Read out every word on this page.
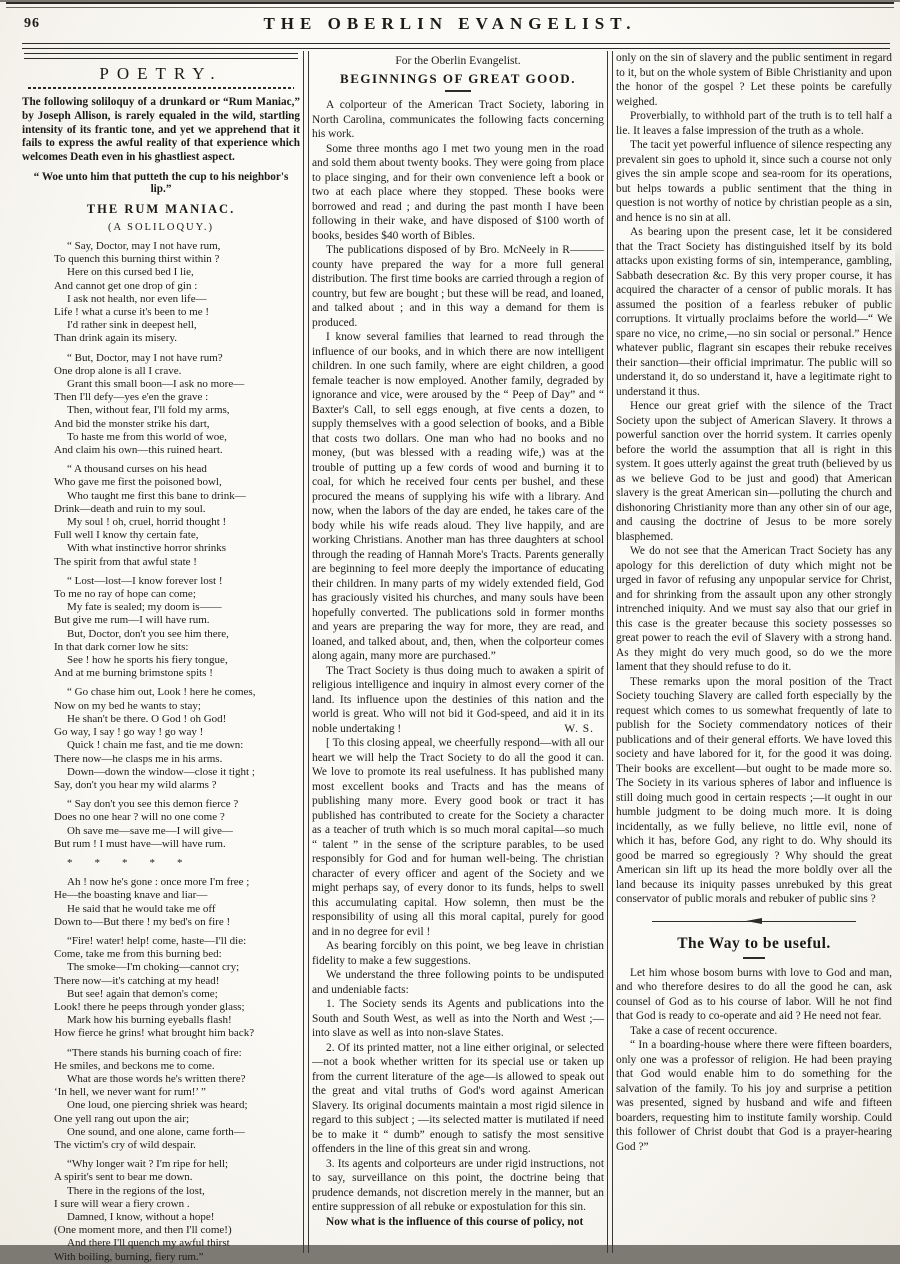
96	THE OBERLIN EVANGELIST.
POETRY.

The following soliloquy of a drunkard or “Rum Maniac,” by Joseph Allison, is rarely equaled in the wild, startling intensity of its frantic tone, and yet we apprehend that it fails to express the awful reality of that experience which welcomes Death even in his ghastliest aspect.

“ Woe unto him that putteth the cup to his neighbor's lip.”

THE RUM MANIAC.
(A SOLILOQUY.)
“ Say, Doctor, may I not have rum,
To quench this burning thirst within ?
Here on this cursed bed I lie,
And cannot get one drop of gin :
I ask not health, nor even life—
Life ! what a curse it's been to me !
I'd rather sink in deepest hell,
Than drink again its misery.
“ But, Doctor, may I not have rum?
One drop alone is all I crave.
Grant this small boon—I ask no more—
Then I'll defy—yes e'en the grave :
Then, without fear, I'll fold my arms,
And bid the monster strike his dart,
To haste me from this world of woe,
And claim his own—this ruined heart.
“ A thousand curses on his head
Who gave me first the poisoned bowl,
Who taught me first this bane to drink—
Drink—death and ruin to my soul.
My soul ! oh, cruel, horrid thought !
Full well I know thy certain fate,
With what instinctive horror shrinks
The spirit from that awful state !
“ Lost—lost—I know forever lost !
To me no ray of hope can come;
My fate is sealed; my doom is——
But give me rum—I will have rum.
But, Doctor, don't you see him there,
In that dark corner low he sits:
See ! how he sports his fiery tongue,
And at me burning brimstone spits !
“ Go chase him out, Look ! here he comes,
Now on my bed he wants to stay;
He shan't be there. O God ! oh God!
Go way, I say ! go way ! go way !
Quick ! chain me fast, and tie me down:
There now—he clasps me in his arms.
Down—down the window—close it tight ;
Say, don't you hear my wild alarms ?
“ Say don't you see this demon fierce ?
Does no one hear ? will no one come ?
Oh save me—save me—I will give—
But rum ! I must have—will have rum.
*  *  *  *  *
Ah ! now he's gone : once more I'm free ;
He—the boasting knave and liar—
He said that he would take me off
Down to—But there ! my bed's on fire !
“Fire! water! help! come, haste—I'll die:
Come, take me from this burning bed:
The smoke—I'm choking—cannot cry;
There now—it's catching at my head!
But see! again that demon's come;
Look! there he peeps through yonder glass;
Mark how his burning eyeballs flash!
How fierce he grins! what brought him back?
“There stands his burning coach of fire:
He smiles, and beckons me to come.
What are those words he's written there?
‘In hell, we never want for rum!’ ”
One loud, one piercing shriek was heard;
One yell rang out upon the air;
One sound, and one alone, came forth—
The victim's cry of wild despair.
“Why longer wait ? I'm ripe for hell;
A spirit's sent to bear me down.
There in the regions of the lost,
I sure will wear a fiery crown .
Damned, I know, without a hope!
(One moment more, and then I'll come!)
And there I'll quench my awful thirst
With boiling, burning, fiery rum.”
For the Oberlin Evangelist.
BEGINNINGS OF GREAT GOOD.

A colporteur of the American Tract Society, laboring in North Carolina, communicates the following facts concerning his work.

Some three months ago I met two young men in the road and sold them about twenty books. They were going from place to place singing, and for their own convenience left a book or two at each place where they stopped. These books were borrowed and read ; and during the past month I have been following in their wake, and have disposed of $100 worth of books, besides $40 worth of Bibles.

The publications disposed of by Bro. McNeely in R——— county have prepared the way for a more full general distribution. The first time books are carried through a region of country, but few are bought ; but these will be read, and loaned, and talked about ; and in this way a demand for them is produced.

I know several families that learned to read through the influence of our books, and in which there are now intelligent children. In one such family, where are eight children, a good female teacher is now employed. Another family, degraded by ignorance and vice, were aroused by the “ Peep of Day” and “ Baxter's Call, to sell eggs enough, at five cents a dozen, to supply themselves with a good selection of books, and a Bible that costs two dollars. One man who had no books and no money, (but was blessed with a reading wife,) was at the trouble of putting up a few cords of wood and burning it to coal, for which he received four cents per bushel, and these procured the means of supplying his wife with a library. And now, when the labors of the day are ended, he takes care of the body while his wife reads aloud. They live happily, and are working Christians. Another man has three daughters at school through the reading of Hannah More's Tracts. Parents generally are beginning to feel more deeply the importance of educating their children. In many parts of my widely extended field, God has graciously visited his churches, and many souls have been hopefully converted. The publications sold in former months and years are preparing the way for more, they are read, and loaned, and talked about, and, then, when the colporteur comes along again, many more are purchased.”

The Tract Society is thus doing much to awaken a spirit of religious intelligence and inquiry in almost every corner of the land. Its influence upon the destinies of this nation and the world is great. Who will not bid it God-speed, and aid it in its noble undertaking !	W. S.

[ To this closing appeal, we cheerfully respond—with all our heart we will help the Tract Society to do all the good it can. We love to promote its real usefulness. It has published many most excellent books and Tracts and has the means of publishing many more. Every good book or tract it has published has contributed to create for the Society a character as a teacher of truth which is so much moral capital—so much “ talent ” in the sense of the scripture parables, to be used responsibly for God and for human well-being. The christian character of every officer and agent of the Society and we might perhaps say, of every donor to its funds, helps to swell this accumulating capital. How solemn, then must be the responsibility of using all this moral capital, purely for good and in no degree for evil !

As bearing forcibly on this point, we beg leave in christian fidelity to make a few suggestions.

We understand the three following points to be undisputed and undeniable facts:

1. The Society sends its Agents and publications into the South and South West, as well as into the North and West ;—into slave as well as into non-slave States.

2. Of its printed matter, not a line either original, or selected—not a book whether written for its special use or taken up from the current literature of the age—is allowed to speak out the great and vital truths of God's word against American Slavery. Its original documents maintain a most rigid silence in regard to this subject ; —its selected matter is mutilated if need be to make it “ dumb” enough to satisfy the most sensitive offenders in the line of this great sin and wrong.

3. Its agents and colporteurs are under rigid instructions, not to say, surveillance on this point, the doctrine being that prudence demands, not discretion merely in the manner, but an entire suppression of all rebuke or expostulation for this sin.

Now what is the influence of this course of policy, not

only on the sin of slavery and the public sentiment in regard to it, but on the whole system of Bible Christianity and upon the honor of the gospel ? Let these points be carefully weighed.

Proverbially, to withhold part of the truth is to tell half a lie. It leaves a false impression of the truth as a whole.

The tacit yet powerful influence of silence respecting any prevalent sin goes to uphold it, since such a course not only gives the sin ample scope and sea-room for its operations, but helps towards a public sentiment that the thing in question is not worthy of notice by christian people as a sin, and hence is no sin at all.

As bearing upon the present case, let it be considered that the Tract Society has distinguished itself by its bold attacks upon existing forms of sin, intemperance, gambling, Sabbath desecration &c. By this very proper course, it has acquired the character of a censor of public morals. It has assumed the position of a fearless rebuker of public corruptions. It virtually proclaims before the world—“ We spare no vice, no crime,—no sin social or personal.” Hence whatever public, flagrant sin escapes their rebuke receives their sanction—their official imprimatur. The public will so understand it, do so understand it, have a legitimate right to understand it thus.

Hence our great grief with the silence of the Tract Society upon the subject of American Slavery. It throws a powerful sanction over the horrid system. It carries openly before the world the assumption that all is right in this system. It goes utterly against the great truth (believed by us as we believe God to be just and good) that American slavery is the great American sin—polluting the church and dishonoring Christianity more than any other sin of our age, and causing the doctrine of Jesus to be more sorely blasphemed.

We do not see that the American Tract Society has any apology for this dereliction of duty which might not be urged in favor of refusing any unpopular service for Christ, and for shrinking from the assault upon any other strongly intrenched iniquity. And we must say also that our grief in this case is the greater because this society possesses so great power to reach the evil of Slavery with a strong hand. As they might do very much good, so do we the more lament that they should refuse to do it.

These remarks upon the moral position of the Tract Society touching Slavery are called forth especially by the request which comes to us somewhat frequently of late to publish for the Society commendatory notices of their publications and of their general efforts. We have loved this society and have labored for it, for the good it was doing. Their books are excellent—but ought to be made more so. The Society in its various spheres of labor and influence is still doing much good in certain respects ;—it ought in our humble judgment to be doing much more. It is doing incidentally, as we fully believe, no little evil, none of which it has, before God, any right to do. Why should its good be marred so egregiously ? Why should the great American sin lift up its head the more boldly over all the land because its iniquity passes unrebuked by this great conservator of public morals and rebuker of public sins ?

The Way to be useful.

Let him whose bosom burns with love to God and man, and who therefore desires to do all the good he can, ask counsel of God as to his course of labor. Will he not find that God is ready to co-operate and aid ? He need not fear.

Take a case of recent occurence.

“ In a boarding-house where there were fifteen boarders, only one was a professor of religion. He had been praying that God would enable him to do something for the salvation of the family. To his joy and surprise a petition was presented, signed by husband and wife and fifteen boarders, requesting him to institute family worship. Could this follower of Christ doubt that God is a prayer-hearing God ?”
